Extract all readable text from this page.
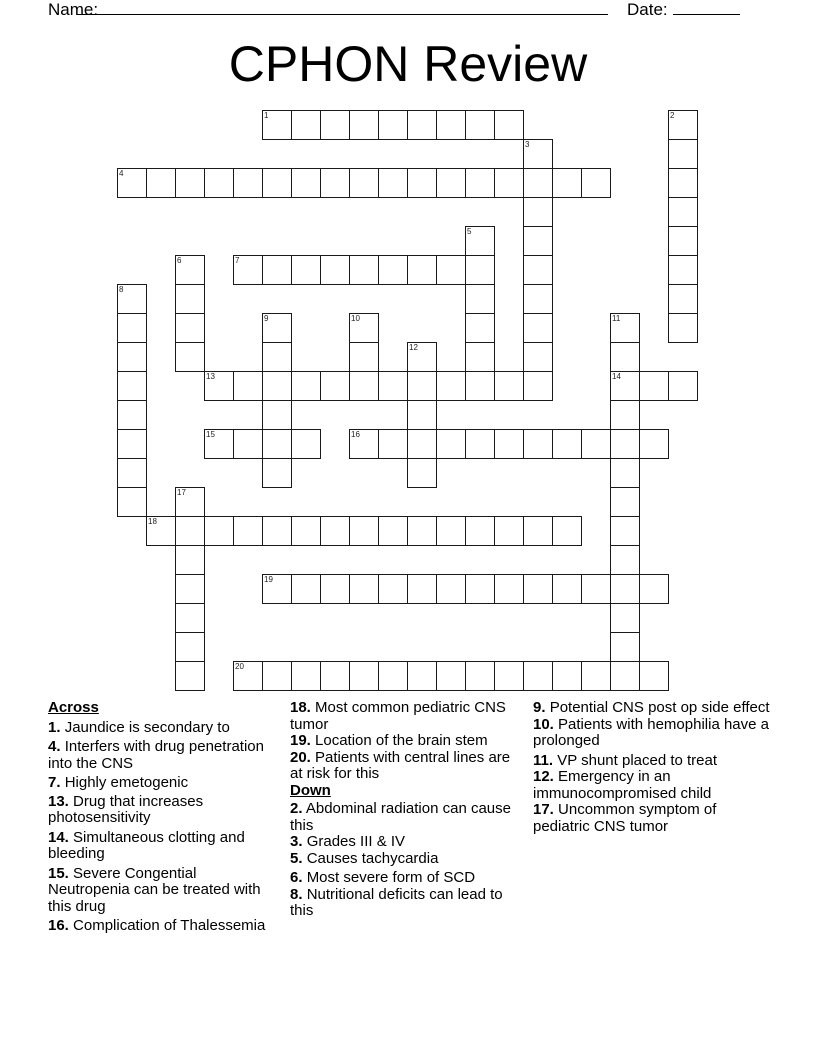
Name:	Date:
CPHON Review
1
4
7
13	14
15	16
18
19
20
2
3
5
6
8
9	10	11
12
17
Across
1. Jaundice is secondary to
4. Interfers with drug penetration into the CNS
7. Highly emetogenic
13. Drug that increases photosensitivity
14. Simultaneous clotting and bleeding
15. Severe Congential Neutropenia can be treated with this drug
16. Complication of Thalessemia
18. Most common pediatric CNS tumor
19. Location of the brain stem
20. Patients with central lines are at risk for this
Down
2. Abdominal radiation can cause this
3. Grades III & IV
5. Causes tachycardia
6. Most severe form of SCD
8. Nutritional deficits can lead to this
9. Potential CNS post op side effect
10. Patients with hemophilia have a prolonged
11. VP shunt placed to treat
12. Emergency in an immunocompromised child
17. Uncommon symptom of pediatric CNS tumor
